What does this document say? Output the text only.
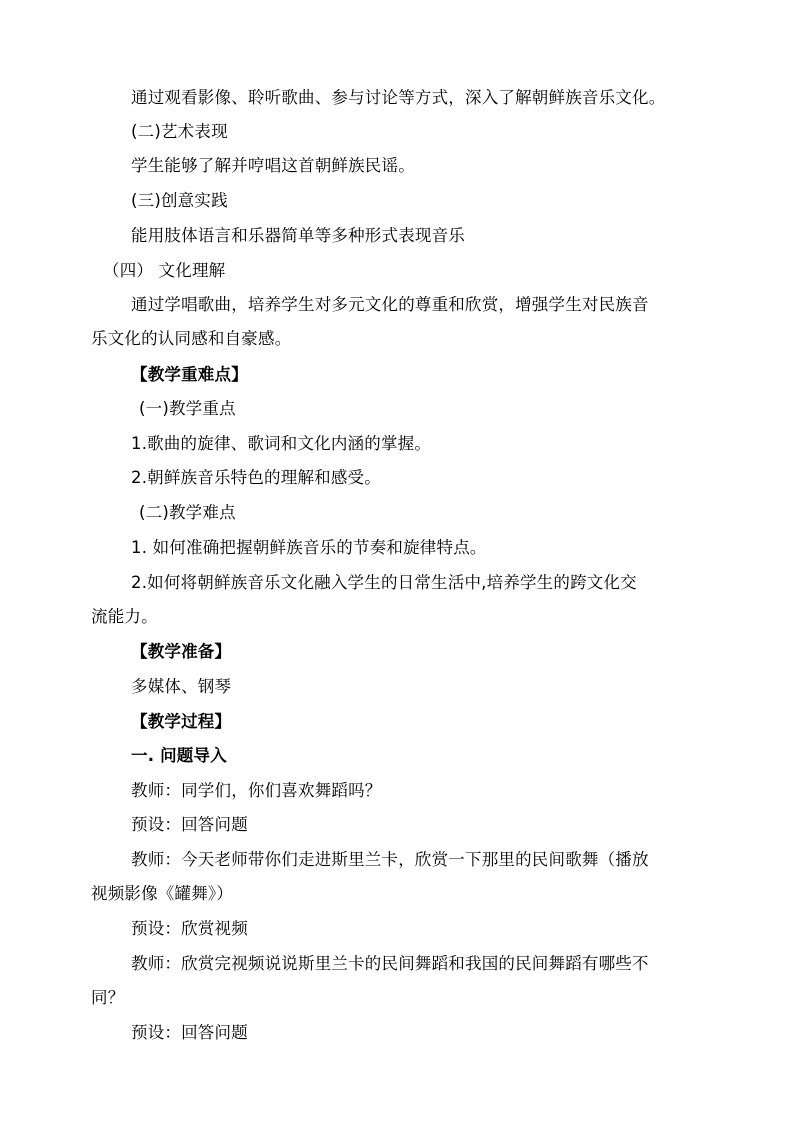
通过观看影像、聆听歌曲、参与讨论等方式，深入了解朝鲜族音乐文化。
(二)艺术表现
学生能够了解并哼唱这首朝鲜族民谣。
(三)创意实践
能用肢体语言和乐器简单等多种形式表现音乐
（四） 文化理解
通过学唱歌曲，培养学生对多元文化的尊重和欣赏，增强学生对民族音
乐文化的认同感和自豪感。
【教学重难点】
(一)教学重点
1.歌曲的旋律、歌词和文化内涵的掌握。
2.朝鲜族音乐特色的理解和感受。
(二)教学难点
1. 如何准确把握朝鲜族音乐的节奏和旋律特点。
2.如何将朝鲜族音乐文化融入学生的日常生活中,培养学生的跨文化交
流能力。
【教学准备】
多媒体、钢琴
【教学过程】
一. 问题导入
教师：同学们，你们喜欢舞蹈吗？
预设：回答问题
教师：今天老师带你们走进斯里兰卡，欣赏一下那里的民间歌舞（播放
视频影像《罐舞》）
预设：欣赏视频
教师：欣赏完视频说说斯里兰卡的民间舞蹈和我国的民间舞蹈有哪些不
同？
预设：回答问题
